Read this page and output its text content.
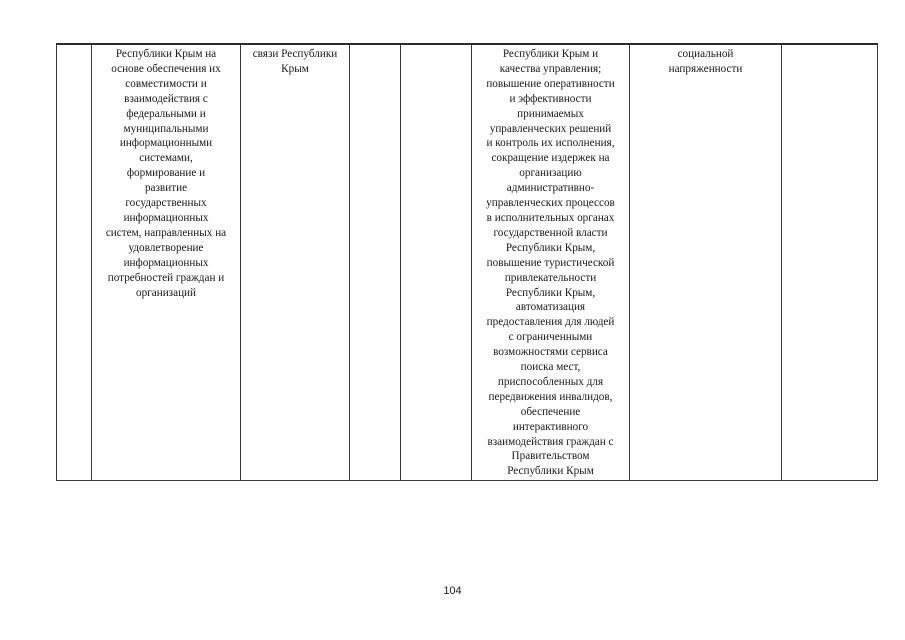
	Республики Крым на
основе обеспечения их
совместимости и
взаимодействия с
федеральными и
муниципальными
информационными
системами,
формирование и
развитие
государственных
информационных
систем, направленных на
удовлетворение
информационных
потребностей граждан и
организаций	связи Республики
Крым			Республики Крым и
качества управления;
повышение оперативности
и эффективности
принимаемых
управленческих решений
и контроль их исполнения,
сокращение издержек на
организацию
административно-
управленческих процессов
в исполнительных органах
государственной власти
Республики Крым,
повышение туристической
привлекательности
Республики Крым,
автоматизация
предоставления для людей
с ограниченными
возможностями сервиса
поиска мест,
приспособленных для
передвижения инвалидов,
обеспечение
интерактивного
взаимодействия граждан с
Правительством
Республики Крым	социальной
напряженности	
104
